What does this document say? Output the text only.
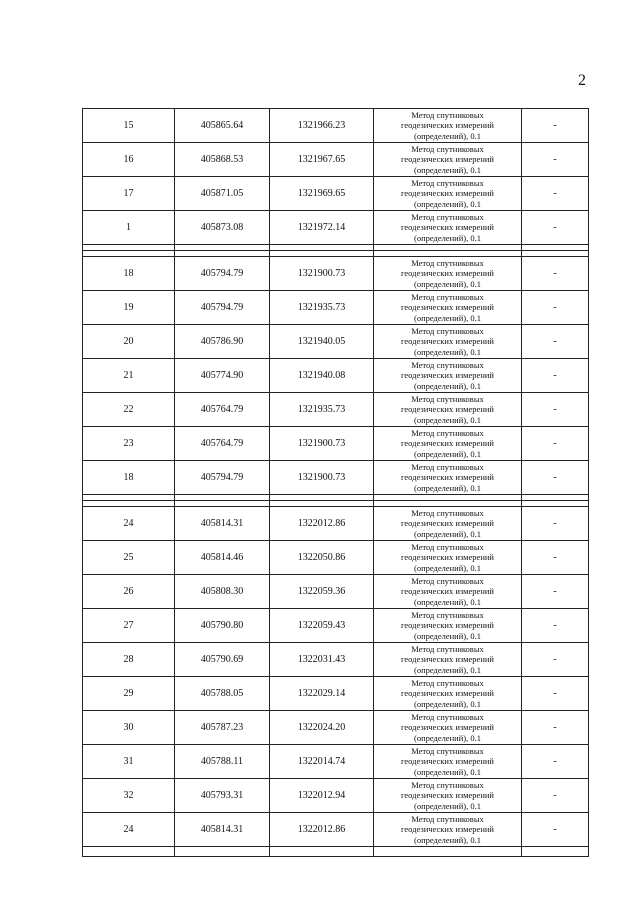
2
15	405865.64	1321966.23	Метод спутниковых
геодезических измерений
(определений), 0.1	-
16	405868.53	1321967.65	Метод спутниковых
геодезических измерений
(определений), 0.1	-
17	405871.05	1321969.65	Метод спутниковых
геодезических измерений
(определений), 0.1	-
1	405873.08	1321972.14	Метод спутниковых
геодезических измерений
(определений), 0.1	-

18	405794.79	1321900.73	Метод спутниковых
геодезических измерений
(определений), 0.1	-
19	405794.79	1321935.73	Метод спутниковых
геодезических измерений
(определений), 0.1	-
20	405786.90	1321940.05	Метод спутниковых
геодезических измерений
(определений), 0.1	-
21	405774.90	1321940.08	Метод спутниковых
геодезических измерений
(определений), 0.1	-
22	405764.79	1321935.73	Метод спутниковых
геодезических измерений
(определений), 0.1	-
23	405764.79	1321900.73	Метод спутниковых
геодезических измерений
(определений), 0.1	-
18	405794.79	1321900.73	Метод спутниковых
геодезических измерений
(определений), 0.1	-

24	405814.31	1322012.86	Метод спутниковых
геодезических измерений
(определений), 0.1	-
25	405814.46	1322050.86	Метод спутниковых
геодезических измерений
(определений), 0.1	-
26	405808.30	1322059.36	Метод спутниковых
геодезических измерений
(определений), 0.1	-
27	405790.80	1322059.43	Метод спутниковых
геодезических измерений
(определений), 0.1	-
28	405790.69	1322031.43	Метод спутниковых
геодезических измерений
(определений), 0.1	-
29	405788.05	1322029.14	Метод спутниковых
геодезических измерений
(определений), 0.1	-
30	405787.23	1322024.20	Метод спутниковых
геодезических измерений
(определений), 0.1	-
31	405788.11	1322014.74	Метод спутниковых
геодезических измерений
(определений), 0.1	-
32	405793.31	1322012.94	Метод спутниковых
геодезических измерений
(определений), 0.1	-
24	405814.31	1322012.86	Метод спутниковых
геодезических измерений
(определений), 0.1	-
